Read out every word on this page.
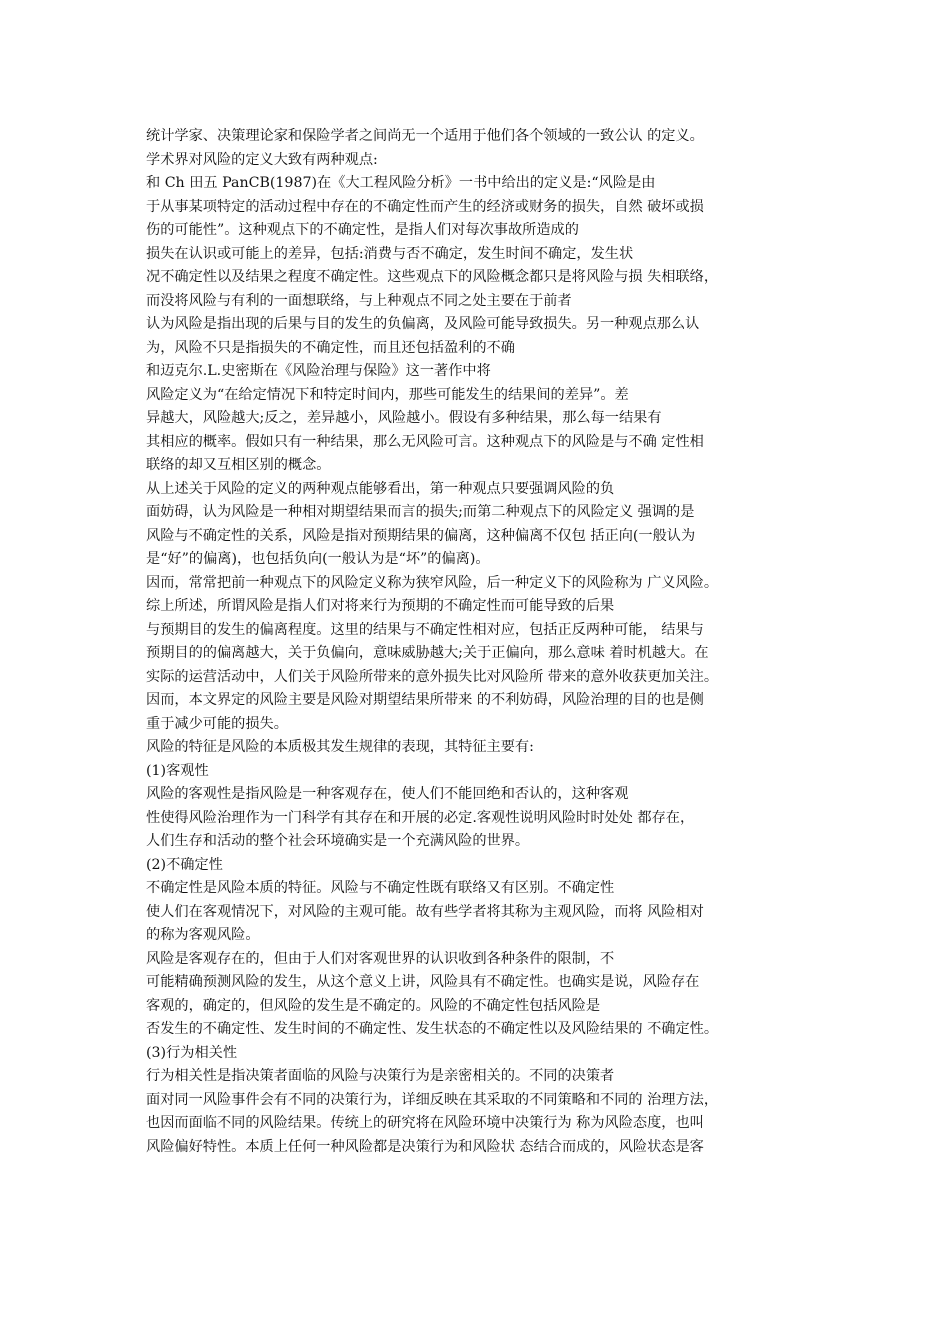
统计学家、决策理论家和保险学者之间尚无一个适用于他们各个领域的一致公认 的定义。
学术界对风险的定义大致有两种观点:
和 Ch 田五 PanCB(1987)在《大工程风险分析》一书中给出的定义是:“风险是由
于从事某项特定的活动过程中存在的不确定性而产生的经济或财务的损失，自然 破坏或损
伤的可能性”。这种观点下的不确定性，是指人们对每次事故所造成的
损失在认识或可能上的差异，包括:消费与否不确定，发生时间不确定，发生状
况不确定性以及结果之程度不确定性。这些观点下的风险概念都只是将风险与损 失相联络，
而没将风险与有利的一面想联络，与上种观点不同之处主要在于前者
认为风险是指出现的后果与目的发生的负偏离，及风险可能导致损失。另一种观点那么认
为，风险不只是指损失的不确定性，而且还包括盈利的不确
和迈克尔.L.史密斯在《风险治理与保险》这一著作中将
风险定义为“在给定情况下和特定时间内，那些可能发生的结果间的差异”。差
异越大，风险越大;反之，差异越小，风险越小。假设有多种结果，那么每一结果有
其相应的概率。假如只有一种结果，那么无风险可言。这种观点下的风险是与不确 定性相
联络的却又互相区别的概念。
从上述关于风险的定义的两种观点能够看出，第一种观点只要强调风险的负
面妨碍，认为风险是一种相对期望结果而言的损失;而第二种观点下的风险定义 强调的是
风险与不确定性的关系，风险是指对预期结果的偏离，这种偏离不仅包 括正向(一般认为
是“好”的偏离)，也包括负向(一般认为是“坏”的偏离)。
因而，常常把前一种观点下的风险定义称为狭窄风险，后一种定义下的风险称为 广义风险。
综上所述，所谓风险是指人们对将来行为预期的不确定性而可能导致的后果
与预期目的发生的偏离程度。这里的结果与不确定性相对应，包括正反两种可能， 结果与
预期目的的偏离越大，关于负偏向，意味威胁越大;关于正偏向，那么意味 着时机越大。在
实际的运营活动中，人们关于风险所带来的意外损失比对风险所 带来的意外收获更加关注。
因而，本文界定的风险主要是风险对期望结果所带来 的不利妨碍，风险治理的目的也是侧
重于减少可能的损失。
风险的特征是风险的本质极其发生规律的表现，其特征主要有:
(1)客观性
风险的客观性是指风险是一种客观存在，使人们不能回绝和否认的，这种客观
性使得风险治理作为一门科学有其存在和开展的必定.客观性说明风险时时处处 都存在，
人们生存和活动的整个社会环境确实是一个充满风险的世界。
(2)不确定性
不确定性是风险本质的特征。风险与不确定性既有联络又有区别。不确定性
使人们在客观情况下，对风险的主观可能。故有些学者将其称为主观风险，而将 风险相对
的称为客观风险。
风险是客观存在的，但由于人们对客观世界的认识收到各种条件的限制，不
可能精确预测风险的发生，从这个意义上讲，风险具有不确定性。也确实是说，风险存在
客观的，确定的，但风险的发生是不确定的。风险的不确定性包括风险是
否发生的不确定性、发生时间的不确定性、发生状态的不确定性以及风险结果的 不确定性。
(3)行为相关性
行为相关性是指决策者面临的风险与决策行为是亲密相关的。不同的决策者
面对同一风险事件会有不同的决策行为，详细反映在其采取的不同策略和不同的 治理方法，
也因而面临不同的风险结果。传统上的研究将在风险环境中决策行为 称为风险态度，也叫
风险偏好特性。本质上任何一种风险都是决策行为和风险状 态结合而成的，风险状态是客
